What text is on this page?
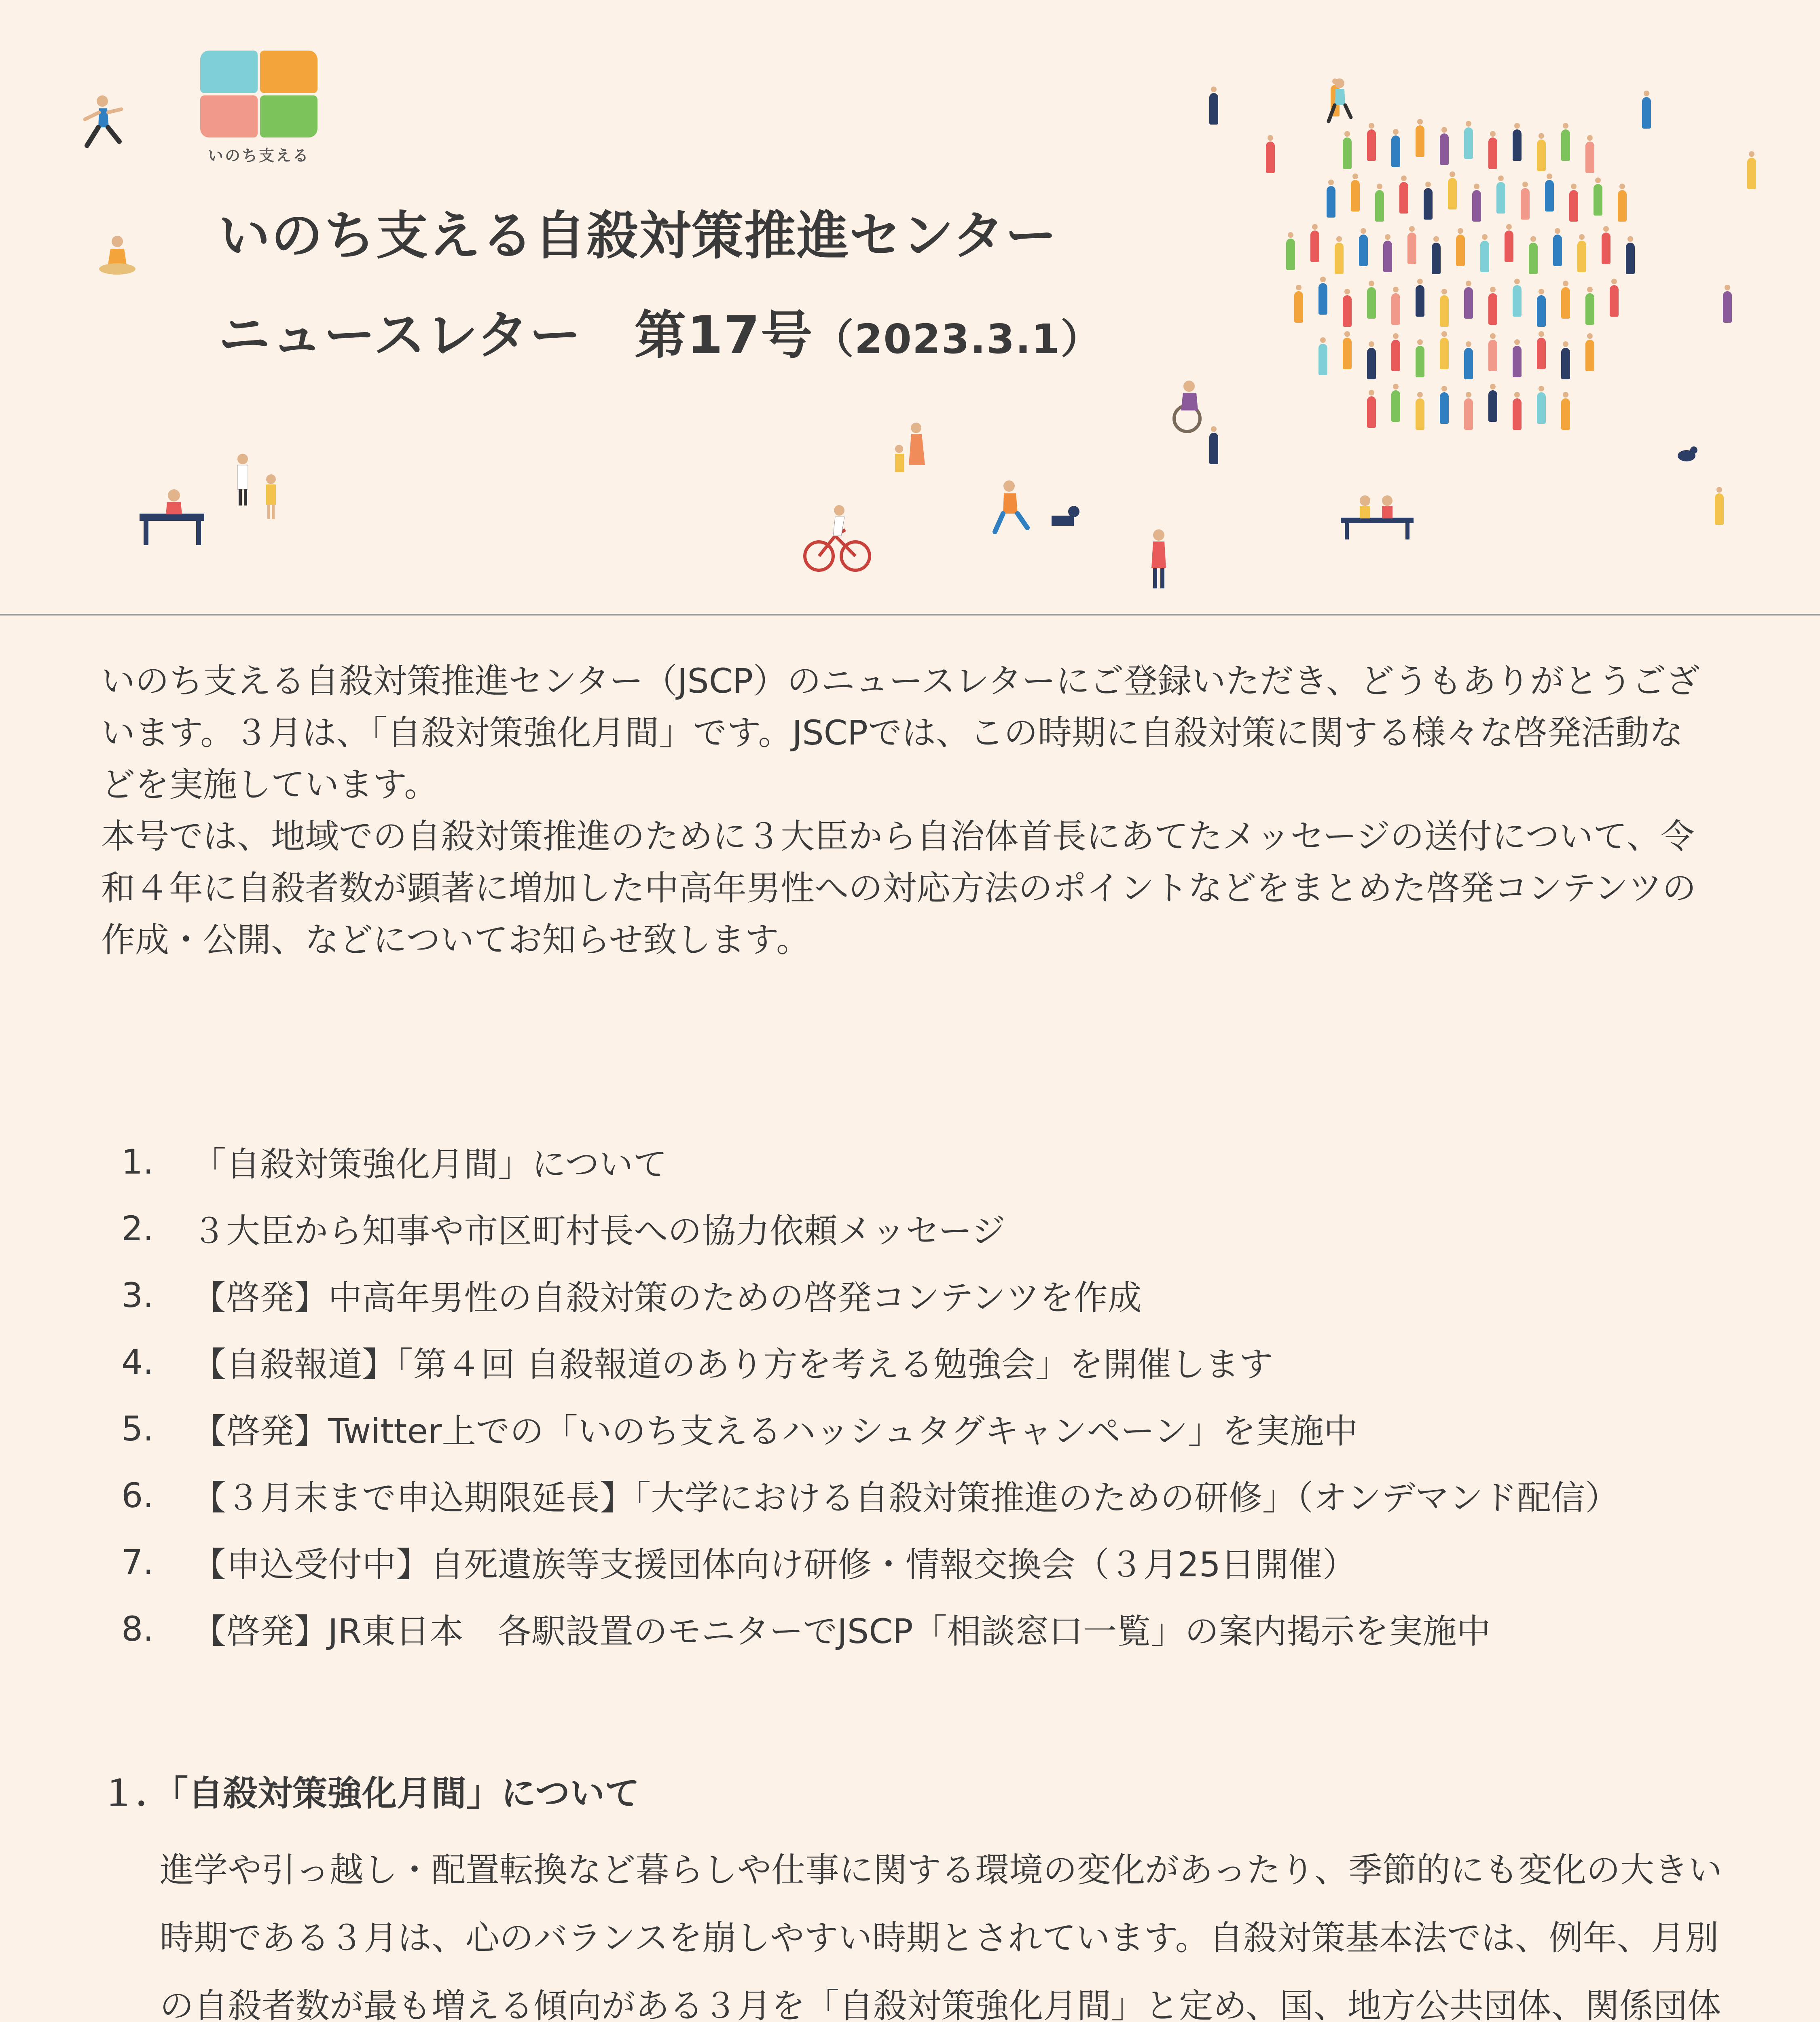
いのち支える
いのち支える自殺対策推進センター
ニュースレター　第17号（2023.3.1）

いのち支える自殺対策推進センター（JSCP）のニュースレターにご登録いただき、どうもありがとうございます。３月は、「自殺対策強化月間」です。JSCPでは、この時期に自殺対策に関する様々な啓発活動などを実施しています。

本号では、地域での自殺対策推進のために３大臣から自治体首長にあてたメッセージの送付について、令和４年に自殺者数が顕著に増加した中高年男性への対応方法のポイントなどをまとめた啓発コンテンツの作成・公開、などについてお知らせ致します。

1.	「自殺対策強化月間」について
2.	３大臣から知事や市区町村長への協力依頼メッセージ
3.	【啓発】中高年男性の自殺対策のための啓発コンテンツを作成
4.	【自殺報道】「第４回 自殺報道のあり方を考える勉強会」を開催します
5.	【啓発】Twitter上での「いのち支えるハッシュタグキャンペーン」を実施中
6.	【３月末まで申込期限延長】「大学における自殺対策推進のための研修」（オンデマンド配信）
7.	【申込受付中】自死遺族等支援団体向け研修・情報交換会（３月25日開催）
8.	【啓発】JR東日本　各駅設置のモニターでJSCP「相談窓口一覧」の案内掲示を実施中
１．「自殺対策強化月間」について

進学や引っ越し・配置転換など暮らしや仕事に関する環境の変化があったり、季節的にも変化の大きい時期である３月は、心のバランスを崩しやすい時期とされています。自殺対策基本法では、例年、月別の自殺者数が最も増える傾向がある３月を「自殺対策強化月間」と定め、国、地方公共団体、関係団体
